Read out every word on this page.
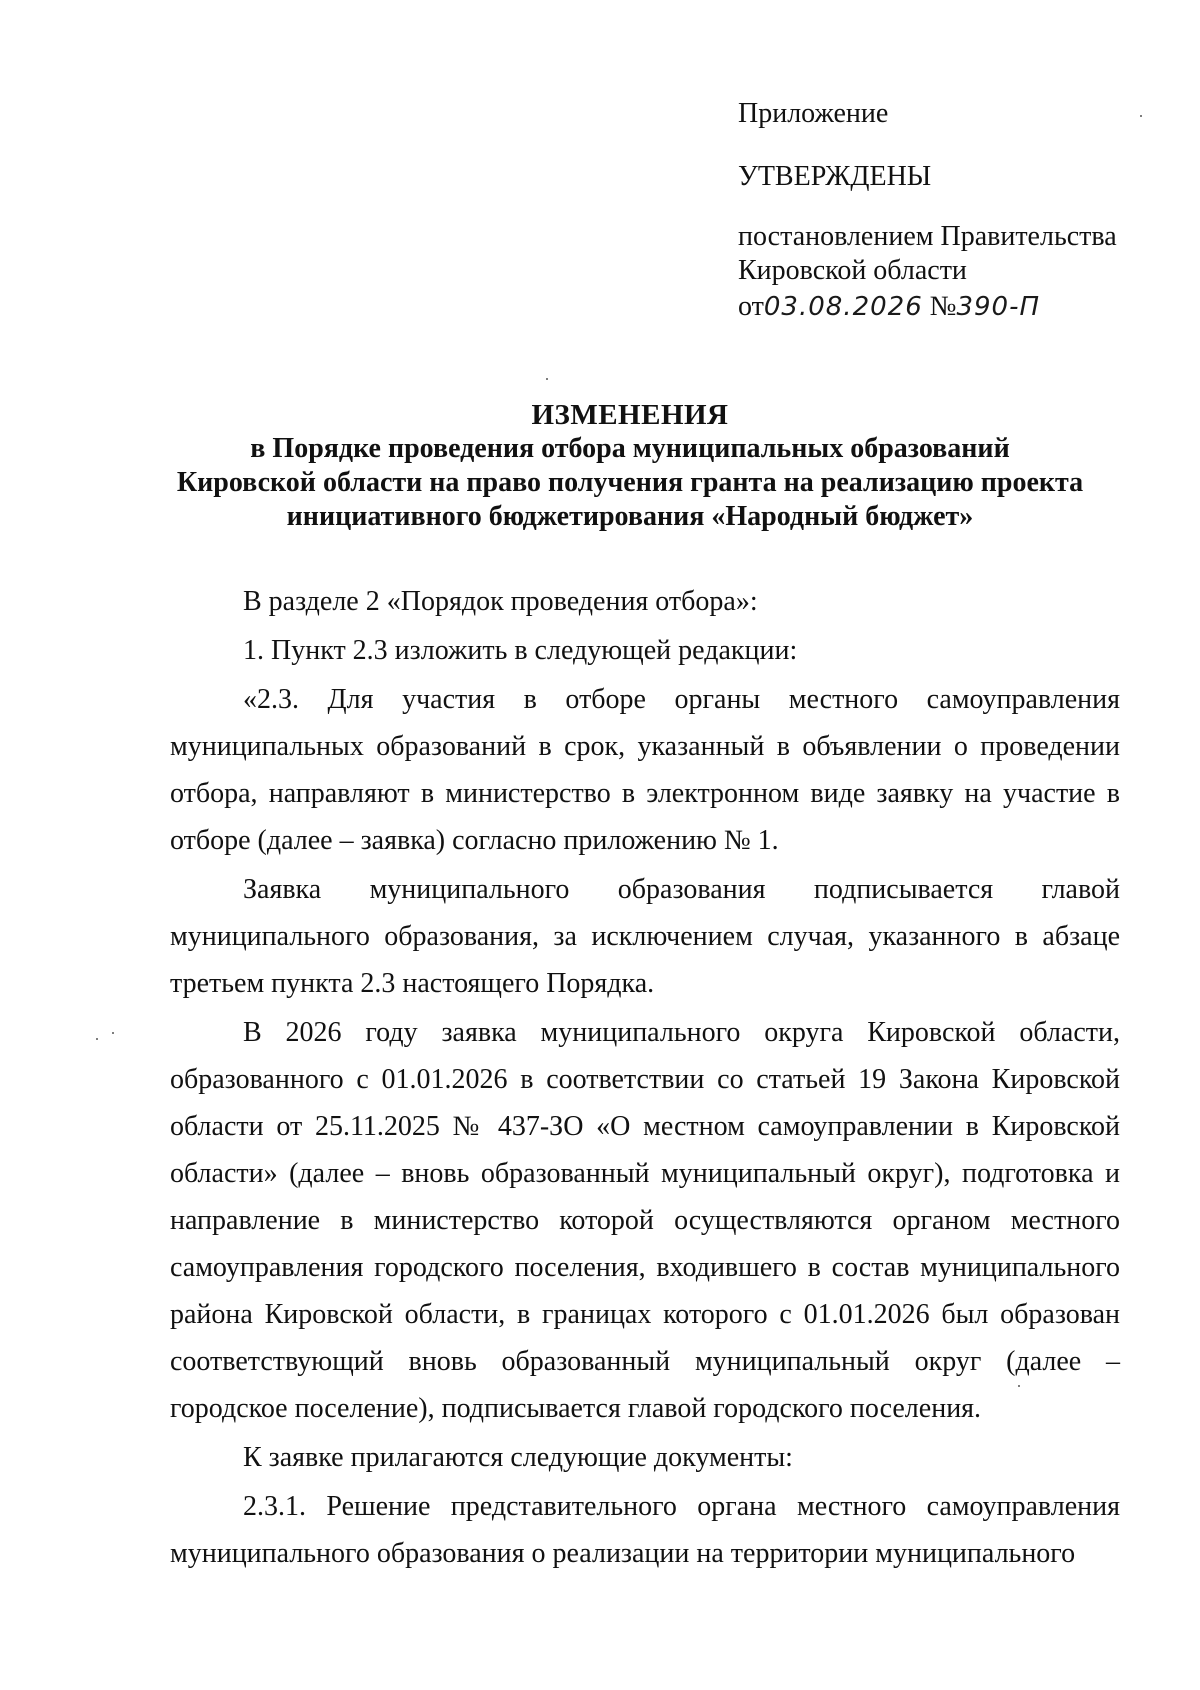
Приложение
УТВЕРЖДЕНЫ
постановлением Правительства
Кировской области
от03.08.2026 №390-П
ИЗМЕНЕНИЯ
в Порядке проведения отбора муниципальных образований
Кировской области на право получения гранта на реализацию проекта
инициативного бюджетирования «Народный бюджет»

В разделе 2 «Порядок проведения отбора»:

1. Пункт 2.3 изложить в следующей редакции:

«2.3. Для участия в отборе органы местного самоуправления муниципальных образований в срок, указанный в объявлении о проведении отбора, направляют в министерство в электронном виде заявку на участие в отборе (далее – заявка) согласно приложению № 1.

Заявка муниципального образования подписывается главой муниципального образования, за исключением случая, указанного в абзаце третьем пункта 2.3 настоящего Порядка.

В 2026 году заявка муниципального округа Кировской области, образованного с 01.01.2026 в соответствии со статьей 19 Закона Кировской области от 25.11.2025 № 437-ЗО «О местном самоуправлении в Кировской области» (далее – вновь образованный муниципальный округ), подготовка и направление в министерство которой осуществляются органом местного самоуправления городского поселения, входившего в состав муниципального района Кировской области, в границах которого с 01.01.2026 был образован соответствующий вновь образованный муниципальный округ (далее – городское поселение), подписывается главой городского поселения.

К заявке прилагаются следующие документы:

2.3.1. Решение представительного органа местного самоуправления муниципального образования о реализации на территории муниципального
